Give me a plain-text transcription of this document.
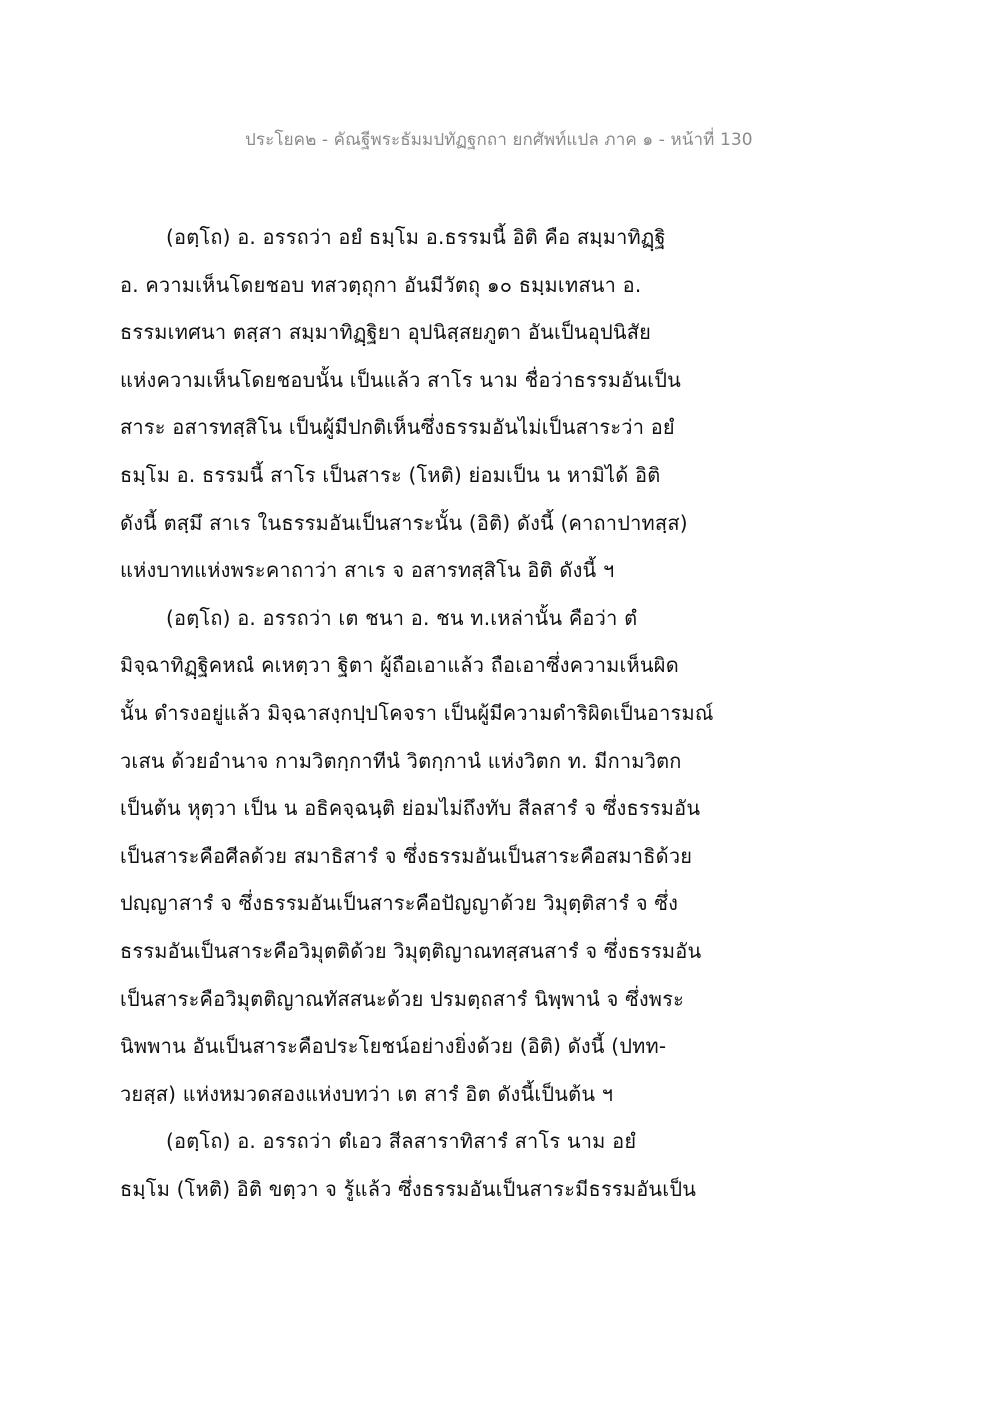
ประโยค๒ - คัณฐีพระธัมมปทัฏฐกถา ยกศัพท์แปล ภาค ๑ - หน้าที่ 130
(อตฺโถ) อ. อรรถว่า อยํ ธมฺโม อ.ธรรมนี้ อิติ คือ สมฺมาทิฏฺฐิ
อ. ความเห็นโดยชอบ ทสวตฺถุกา อันมีวัตถุ ๑๐ ธมฺมเทสนา อ.
ธรรมเทศนา ตสฺสา สมฺมาทิฏฺฐิยา อุปนิสฺสยภูตา อันเป็นอุปนิสัย
แห่งความเห็นโดยชอบนั้น เป็นแล้ว สาโร นาม ชื่อว่าธรรมอันเป็น
สาระ อสารทสฺสิโน เป็นผู้มีปกติเห็นซึ่งธรรมอันไม่เป็นสาระว่า อยํ
ธมฺโม อ. ธรรมนี้ สาโร เป็นสาระ (โหติ) ย่อมเป็น น หามิได้ อิติ
ดังนี้ ตสฺมึ สาเร ในธรรมอันเป็นสาระนั้น (อิติ) ดังนี้ (คาถาปาทสฺส)
แห่งบาทแห่งพระคาถาว่า สาเร จ อสารทสฺสิโน อิติ ดังนี้ ฯ
(อตฺโถ) อ. อรรถว่า เต ชนา อ. ชน ท.เหล่านั้น คือว่า ตํ
มิจฺฉาทิฏฺฐิคหณํ คเหตฺวา ฐิตา ผู้ถือเอาแล้ว ถือเอาซึ่งความเห็นผิด
นั้น ดำรงอยู่แล้ว มิจฺฉาสงฺกปฺปโคจรา เป็นผู้มีความดำริผิดเป็นอารมณ์
วเสน ด้วยอำนาจ กามวิตกฺกาทีนํ วิตกฺกานํ แห่งวิตก ท. มีกามวิตก
เป็นต้น หุตฺวา เป็น น อธิคจฺฉนฺติ ย่อมไม่ถึงทับ สีลสารํ จ ซึ่งธรรมอัน
เป็นสาระคือศีลด้วย สมาธิสารํ จ ซึ่งธรรมอันเป็นสาระคือสมาธิด้วย
ปญฺญาสารํ จ ซึ่งธรรมอันเป็นสาระคือปัญญาด้วย วิมุตฺติสารํ จ ซึ่ง
ธรรมอันเป็นสาระคือวิมุตติด้วย วิมุตฺติญาณทสฺสนสารํ จ ซึ่งธรรมอัน
เป็นสาระคือวิมุตติญาณทัสสนะด้วย ปรมตฺถสารํ นิพฺพานํ จ ซึ่งพระ
นิพพาน อันเป็นสาระคือประโยชน์อย่างยิ่งด้วย (อิติ) ดังนี้ (ปทท-
วยสฺส) แห่งหมวดสองแห่งบทว่า เต สารํ อิต ดังนี้เป็นต้น ฯ
(อตฺโถ) อ. อรรถว่า ตํเอว สีลสาราทิสารํ สาโร นาม อยํ
ธมฺโม (โหติ) อิติ ขตฺวา จ รู้แล้ว ซึ่งธรรมอันเป็นสาระมีธรรมอันเป็น
